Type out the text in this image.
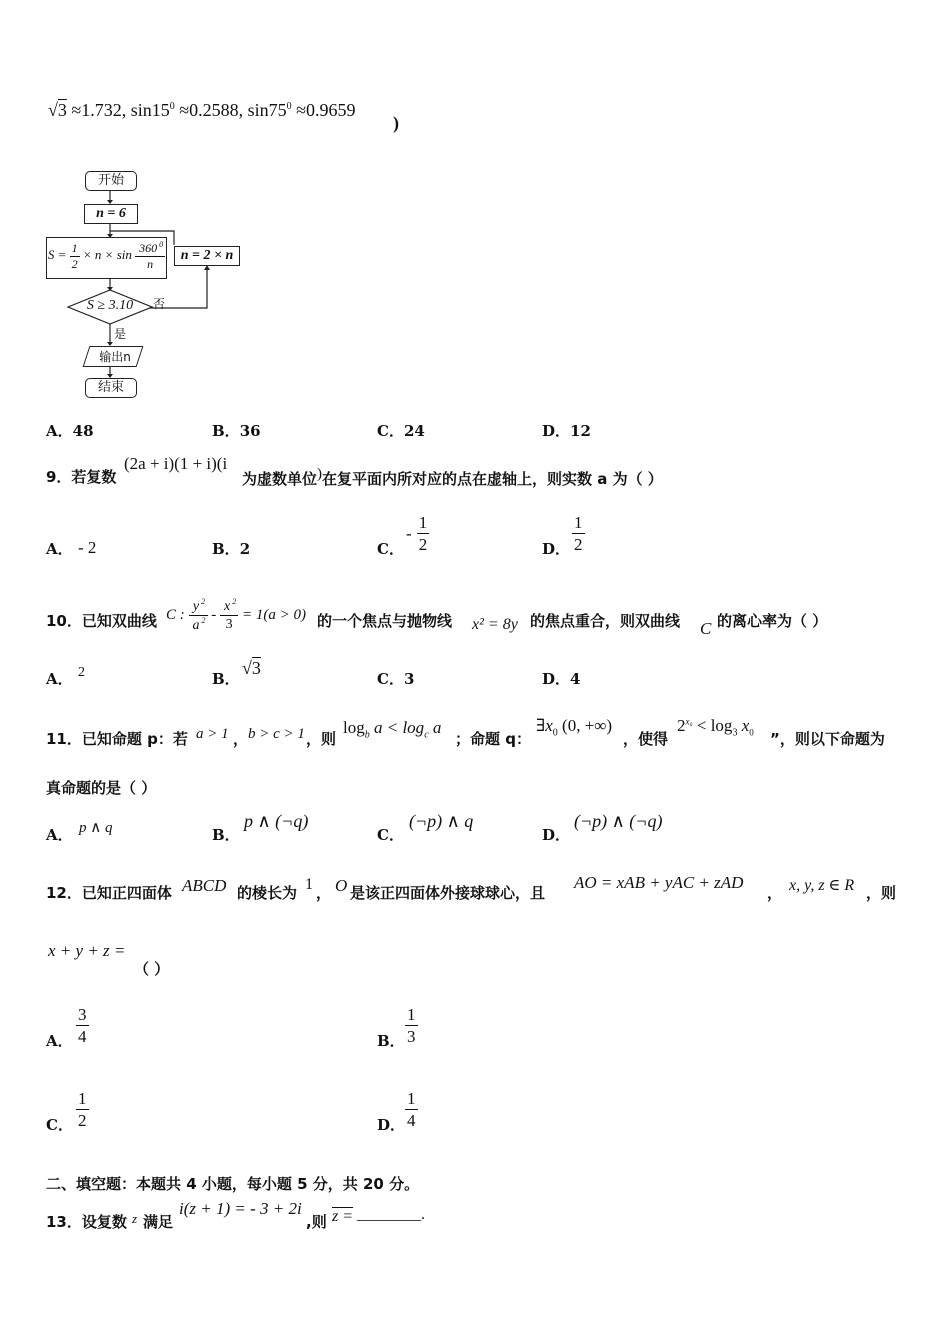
√3 ≈1.732, $\sin 15^0 \approx 0.2588$, $\sin 75^0 \approx 0.9659$
)
开始
n = 6
$S = \frac{1}{2} \times n \times \sin \frac{360 ^0}{n}$	n = 2 × n
S ≥ 3.10	否
是
输出n
结束
A．48	B．36	C．24	D．12
9．若复数
(2a + i)(1 + i)(i
为虚数单位)在复平面内所对应的点在虚轴上，则实数 a 为（ ）
A． - 2	B．2	C．
- $\frac{1}{2}$	D． $\frac{1}{2}$
10．已知双曲线 C : $\frac{y ^2}{a ^2} - \frac{x ^2}{3} = 1(a > 0)$ 的一个焦点与抛物线 x² = 8y 的焦点重合，则双曲线 C 的离心率为（ ）
A． 2	B．
√3
C．3	D．4
11．已知命题 p：若 a > 1 ， b > c > 1 ，则
$\log_b a < \log_c a$
；命题 q：
$\exists x_0$ (0, +∞)
，使得
$2^{x_0} < \log_3 x_0$ ”，则以下命题为
真命题的是（ ）
A． p ∧ q	B．
p ∧ (¬q)
C．
(¬p) ∧ q
D．
(¬p) ∧ (¬q)
12．已知正四面体 ABCD 的棱长为 1 ， O 是该正四面体外接球球心，且
AO = xAB + yAC + zAD
， x, y, z ∈ R ，则
x + y + z =
（ ）
A． $\frac{3}{4}$	B． $\frac{1}{3}$
C． $\frac{1}{2}$	D． $\frac{1}{4}$
二、填空题：本题共 4 小题，每小题 5 分，共 20 分。
13．设复数 z 满足
i(z + 1) = - 3 + 2i
,则 z = ________.
